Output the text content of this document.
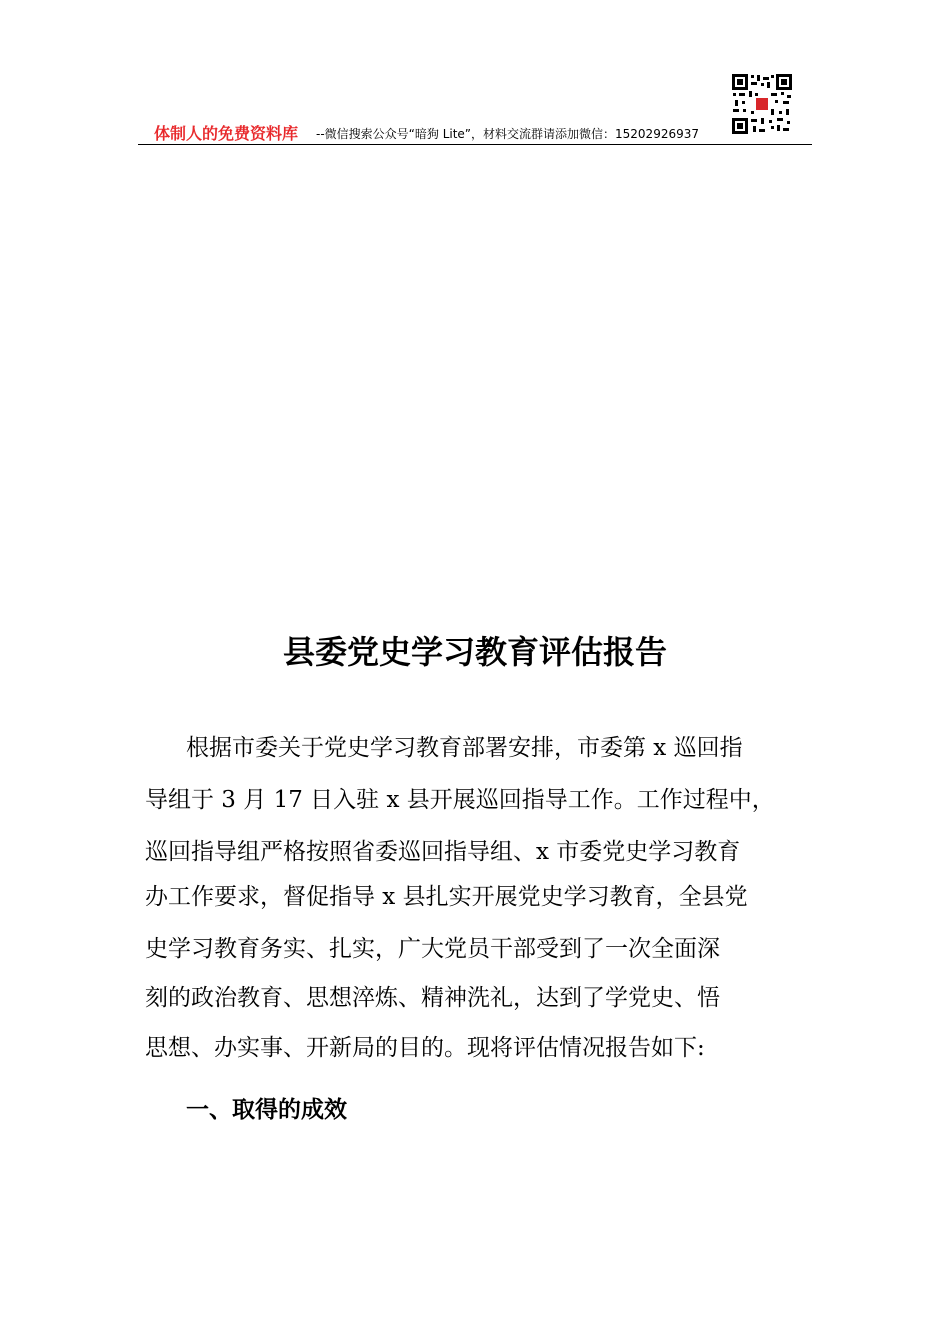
体制人的免费资料库 --微信搜索公众号“暗狗 Lite”，材料交流群请添加微信：15202926937
县委党史学习教育评估报告
根据市委关于党史学习教育部署安排，市委第 x 巡回指
导组于 3 月 17 日入驻 x 县开展巡回指导工作。工作过程中，
巡回指导组严格按照省委巡回指导组、x 市委党史学习教育
办工作要求，督促指导 x 县扎实开展党史学习教育，全县党
史学习教育务实、扎实，广大党员干部受到了一次全面深
刻的政治教育、思想淬炼、精神洗礼，达到了学党史、悟
思想、办实事、开新局的目的。现将评估情况报告如下:
一、取得的成效
